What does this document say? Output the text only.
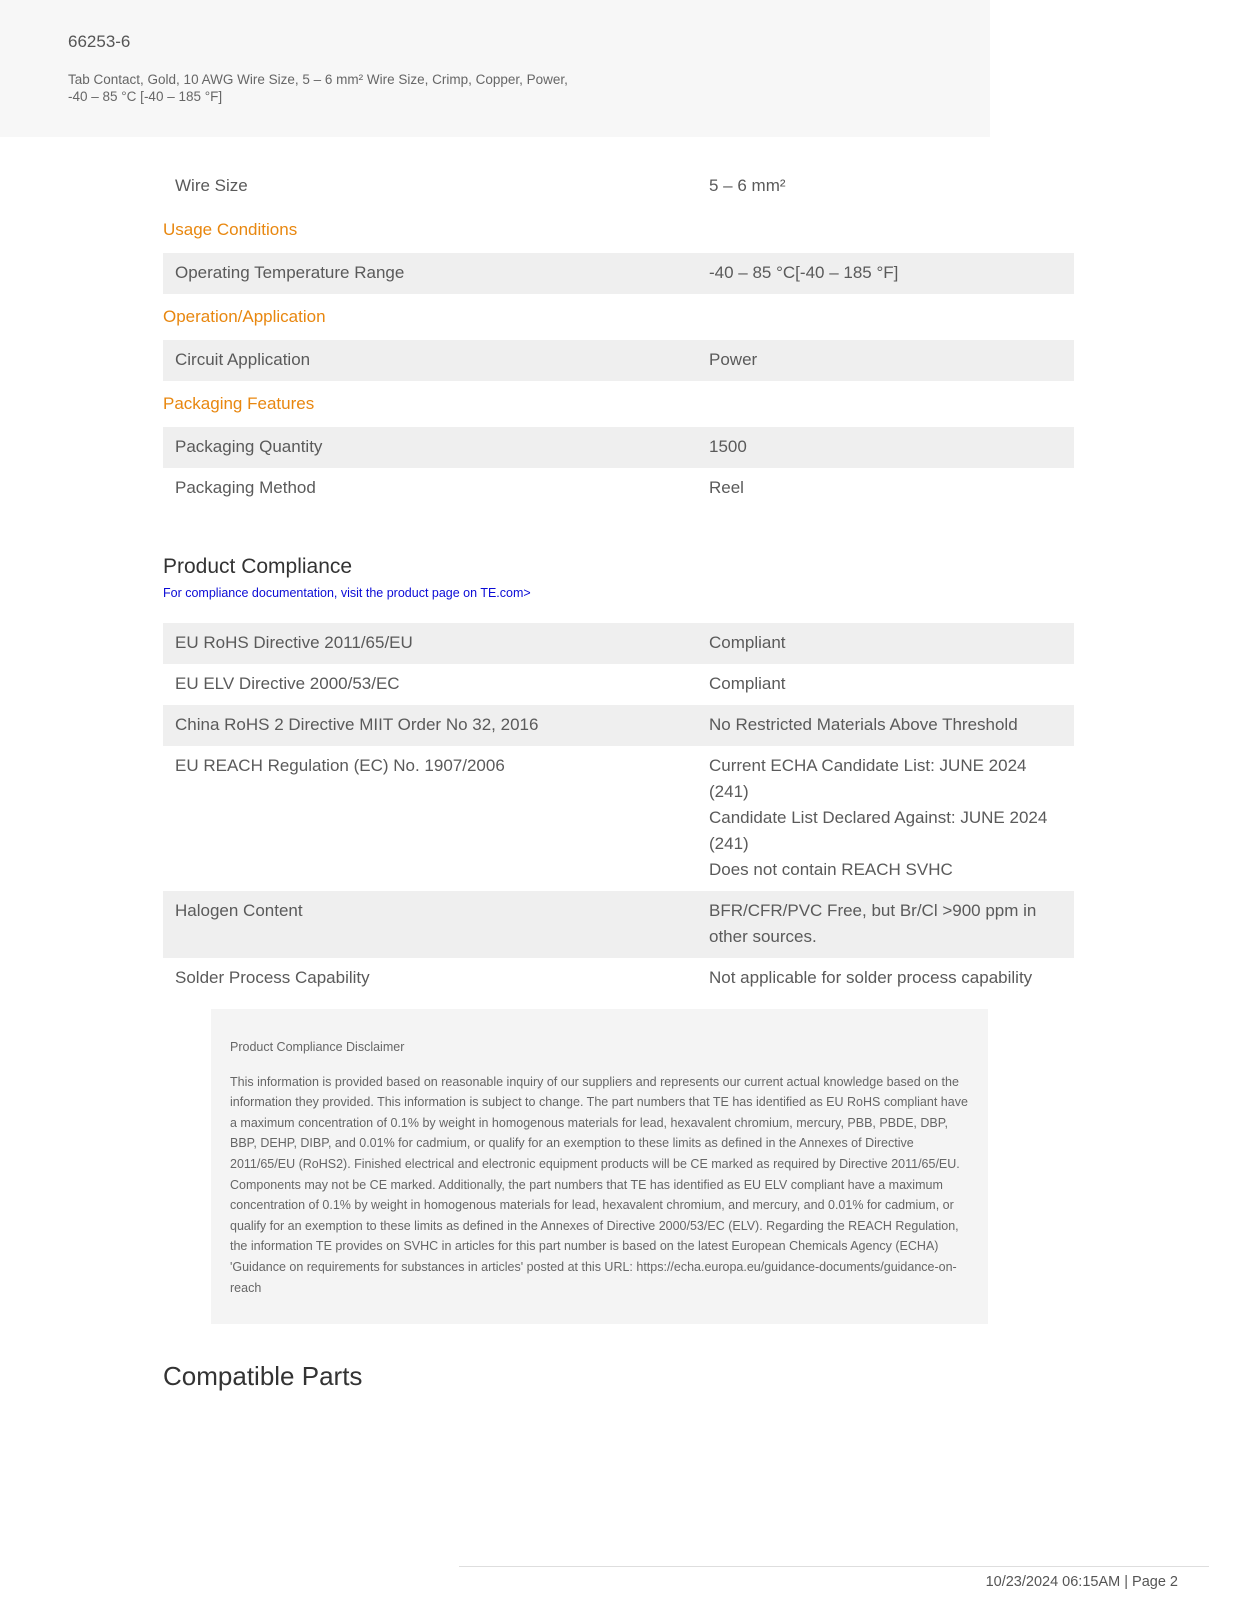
66253-6
Tab Contact, Gold, 10 AWG Wire Size, 5 – 6 mm² Wire Size, Crimp, Copper, Power,
-40 – 85 °C [-40 – 185 °F]
Wire Size	5 – 6 mm²
Usage Conditions
Operating Temperature Range	-40 – 85 °C[-40 – 185 °F]
Operation/Application
Circuit Application	Power
Packaging Features
Packaging Quantity	1500
Packaging Method	Reel
Product Compliance
For compliance documentation, visit the product page on TE.com>
EU RoHS Directive 2011/65/EU	Compliant
EU ELV Directive 2000/53/EC	Compliant
China RoHS 2 Directive MIIT Order No 32, 2016	No Restricted Materials Above Threshold
EU REACH Regulation (EC) No. 1907/2006	Current ECHA Candidate List: JUNE 2024 (241)
Candidate List Declared Against: JUNE 2024 (241)
Does not contain REACH SVHC
Halogen Content	BFR/CFR/PVC Free, but Br/Cl >900 ppm in other sources.
Solder Process Capability	Not applicable for solder process capability
Product Compliance Disclaimer
This information is provided based on reasonable inquiry of our suppliers and represents our current actual knowledge based on the information they provided. This information is subject to change. The part numbers that TE has identified as EU RoHS compliant have a maximum concentration of 0.1% by weight in homogenous materials for lead, hexavalent chromium, mercury, PBB, PBDE, DBP, BBP, DEHP, DIBP, and 0.01% for cadmium, or qualify for an exemption to these limits as defined in the Annexes of Directive 2011/65/EU (RoHS2). Finished electrical and electronic equipment products will be CE marked as required by Directive 2011/65/EU. Components may not be CE marked. Additionally, the part numbers that TE has identified as EU ELV compliant have a maximum concentration of 0.1% by weight in homogenous materials for lead, hexavalent chromium, and mercury, and 0.01% for cadmium, or qualify for an exemption to these limits as defined in the Annexes of Directive 2000/53/EC (ELV). Regarding the REACH Regulation, the information TE provides on SVHC in articles for this part number is based on the latest European Chemicals Agency (ECHA) 'Guidance on requirements for substances in articles' posted at this URL: https://echa.europa.eu/guidance-documents/guidance-on-reach
Compatible Parts
10/23/2024 06:15AM | Page 2
